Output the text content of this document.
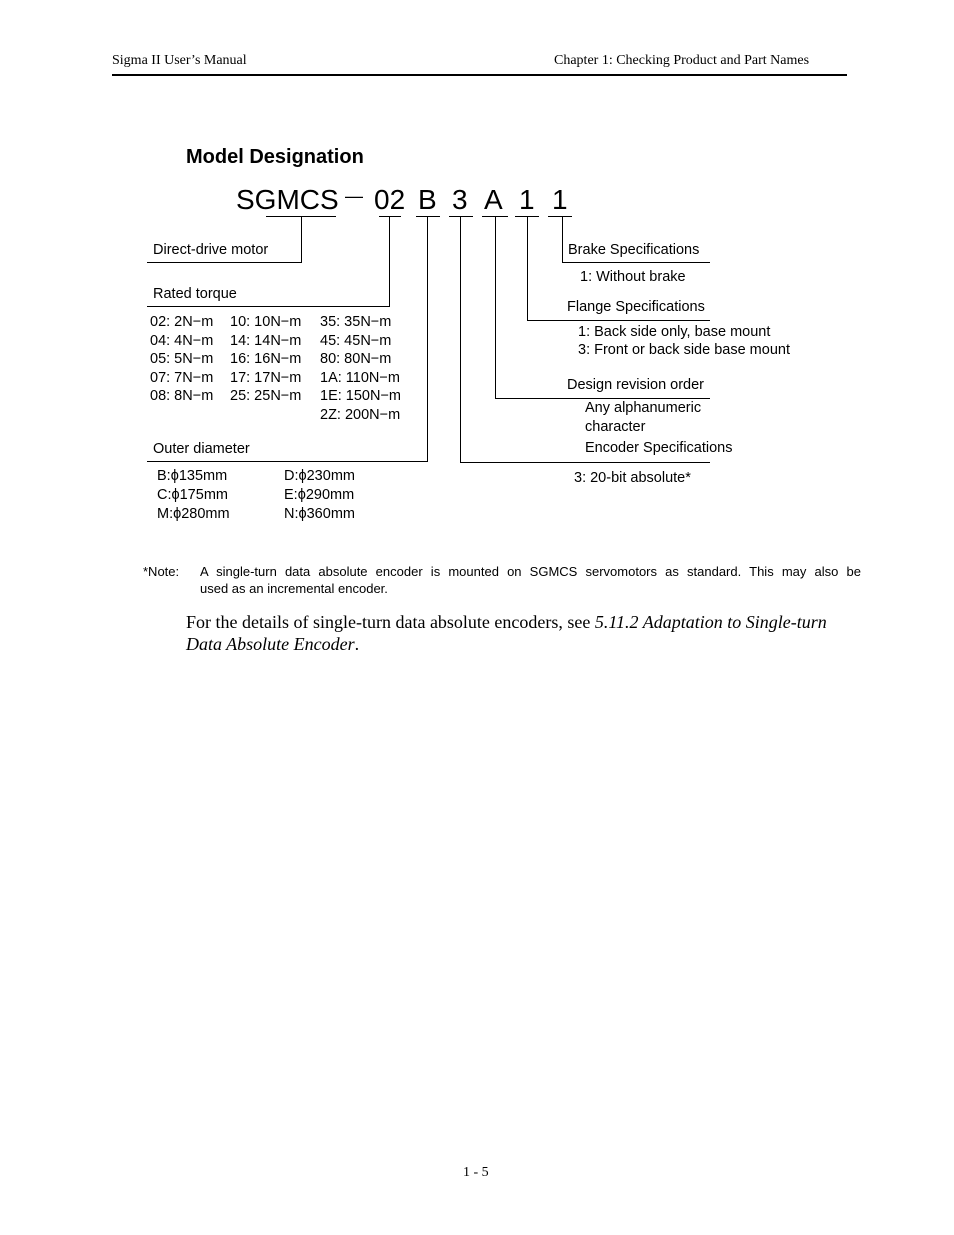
Sigma II User’s Manual	Chapter 1: Checking Product and Part Names
Model Designation
SGMCS — 02 B 3 A 1 1
Direct-drive motor
Rated torque
02: 2N−m
04: 4N−m
05: 5N−m
07: 7N−m
08: 8N−m
10: 10N−m
14: 14N−m
16: 16N−m
17: 17N−m
25: 25N−m
35: 35N−m
45: 45N−m
80: 80N−m
1A: 110N−m
1E: 150N−m
2Z: 200N−m
Outer diameter
B:ϕ135mm
C:ϕ175mm
M:ϕ280mm
D:ϕ230mm
E:ϕ290mm
N:ϕ360mm
Brake Specifications
1: Without brake
Flange Specifications
1: Back side only, base mount
3: Front or back side base mount
Design revision order
Any alphanumeric
character
Encoder Specifications
3: 20-bit absolute*
*Note: A single-turn data absolute encoder is mounted on SGMCS servomotors as standard. This may also be
used as an incremental encoder.
For the details of single-turn data absolute encoders, see 5.11.2 Adaptation to Single-turn
Data Absolute Encoder.
1 - 5
